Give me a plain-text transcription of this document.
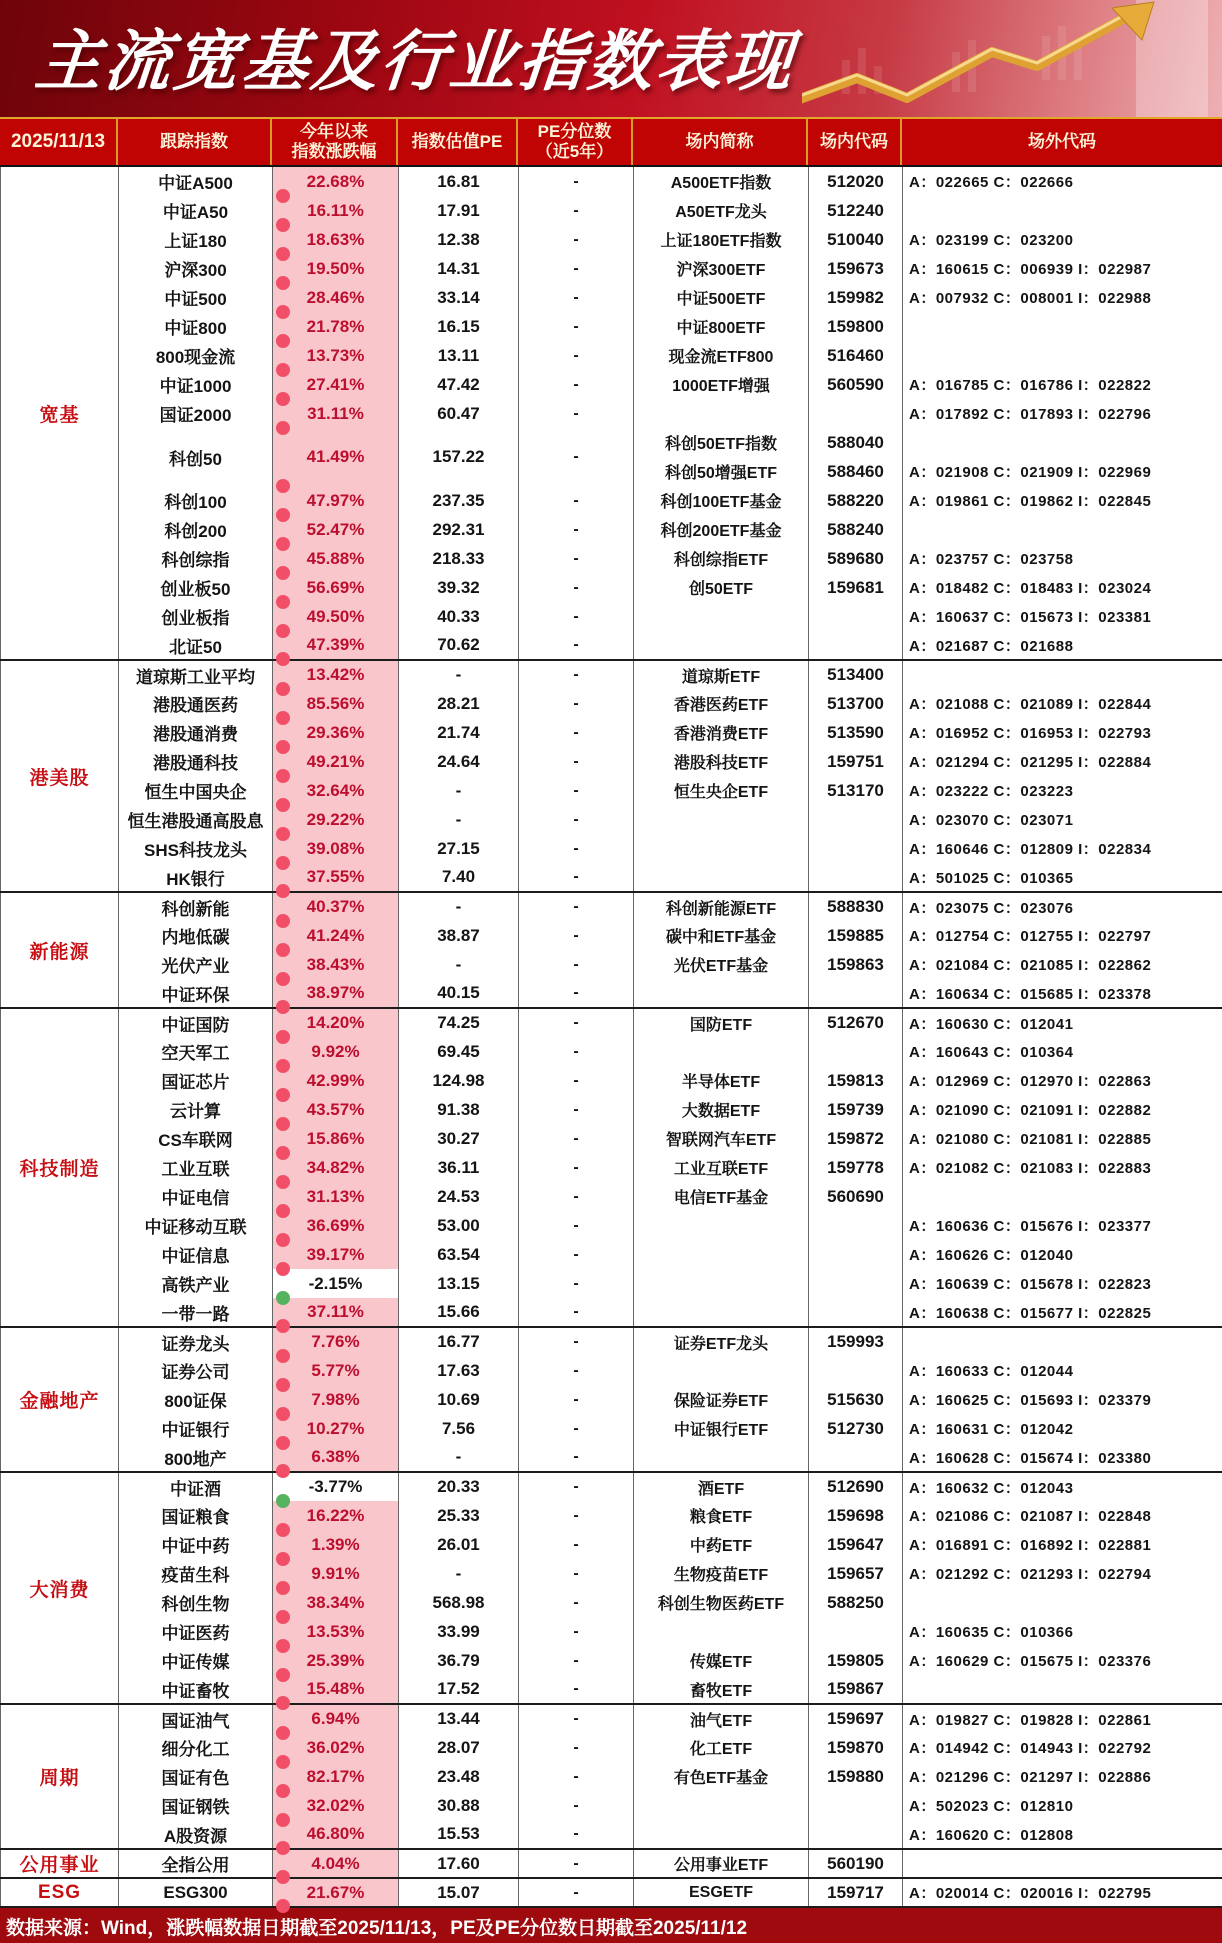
主流宽基及行业指数表现
2025/11/13	跟踪指数
今年以来
指数涨跌幅
指数估值PE
PE分位数
（近5年）
场内简称	场内代码	场外代码
宽基	中证A500	22.68%	16.81	-	A500ETF指数	512020	A：022665 C：022666
	中证A50	16.11%	17.91	-	A50ETF龙头	512240	
	上证180	18.63%	12.38	-	上证180ETF指数	510040	A：023199 C：023200
	沪深300	19.50%	14.31	-	沪深300ETF	159673	A：160615 C：006939 I：022987
	中证500	28.46%	33.14	-	中证500ETF	159982	A：007932 C：008001 I：022988
	中证800	21.78%	16.15	-	中证800ETF	159800	
	800现金流	13.73%	13.11	-	现金流ETF800	516460	
	中证1000	27.41%	47.42	-	1000ETF增强	560590	A：016785 C：016786 I：022822
	国证2000	31.11%	60.47	-			A：017892 C：017893 I：022796
	科创50	41.49%	157.22	-	科创50ETF指数	588040	
					科创50增强ETF	588460	A：021908 C：021909 I：022969
	科创100	47.97%	237.35	-	科创100ETF基金	588220	A：019861 C：019862 I：022845
	科创200	52.47%	292.31	-	科创200ETF基金	588240	
	科创综指	45.88%	218.33	-	科创综指ETF	589680	A：023757 C：023758
	创业板50	56.69%	39.32	-	创50ETF	159681	A：018482 C：018483 I：023024
	创业板指	49.50%	40.33	-			A：160637 C：015673 I：023381
	北证50	47.39%	70.62	-			A：021687 C：021688
港美股	道琼斯工业平均	13.42%	-	-	道琼斯ETF	513400	
	港股通医药	85.56%	28.21	-	香港医药ETF	513700	A：021088 C：021089 I：022844
	港股通消费	29.36%	21.74	-	香港消费ETF	513590	A：016952 C：016953 I：022793
	港股通科技	49.21%	24.64	-	港股科技ETF	159751	A：021294 C：021295 I：022884
	恒生中国央企	32.64%	-	-	恒生央企ETF	513170	A：023222 C：023223
	恒生港股通高股息	29.22%	-	-			A：023070 C：023071
	SHS科技龙头	39.08%	27.15	-			A：160646 C：012809 I：022834
	HK银行	37.55%	7.40	-			A：501025 C：010365
新能源	科创新能	40.37%	-	-	科创新能源ETF	588830	A：023075 C：023076
	内地低碳	41.24%	38.87	-	碳中和ETF基金	159885	A：012754 C：012755 I：022797
	光伏产业	38.43%	-	-	光伏ETF基金	159863	A：021084 C：021085 I：022862
	中证环保	38.97%	40.15	-			A：160634 C：015685 I：023378
科技制造	中证国防	14.20%	74.25	-	国防ETF	512670	A：160630 C：012041
	空天军工	9.92%	69.45	-			A：160643 C：010364
	国证芯片	42.99%	124.98	-	半导体ETF	159813	A：012969 C：012970 I：022863
	云计算	43.57%	91.38	-	大数据ETF	159739	A：021090 C：021091 I：022882
	CS车联网	15.86%	30.27	-	智联网汽车ETF	159872	A：021080 C：021081 I：022885
	工业互联	34.82%	36.11	-	工业互联ETF	159778	A：021082 C：021083 I：022883
	中证电信	31.13%	24.53	-	电信ETF基金	560690	
	中证移动互联	36.69%	53.00	-			A：160636 C：015676 I：023377
	中证信息	39.17%	63.54	-			A：160626 C：012040
	高铁产业	-2.15%	13.15	-			A：160639 C：015678 I：022823
	一带一路	37.11%	15.66	-			A：160638 C：015677 I：022825
金融地产	证券龙头	7.76%	16.77	-	证券ETF龙头	159993	
	证券公司	5.77%	17.63	-			A：160633 C：012044
	800证保	7.98%	10.69	-	保险证券ETF	515630	A：160625 C：015693 I：023379
	中证银行	10.27%	7.56	-	中证银行ETF	512730	A：160631 C：012042
	800地产	6.38%	-	-			A：160628 C：015674 I：023380
大消费	中证酒	-3.77%	20.33	-	酒ETF	512690	A：160632 C：012043
	国证粮食	16.22%	25.33	-	粮食ETF	159698	A：021086 C：021087 I：022848
	中证中药	1.39%	26.01	-	中药ETF	159647	A：016891 C：016892 I：022881
	疫苗生科	9.91%	-	-	生物疫苗ETF	159657	A：021292 C：021293 I：022794
	科创生物	38.34%	568.98	-	科创生物医药ETF	588250	
	中证医药	13.53%	33.99	-			A：160635 C：010366
	中证传媒	25.39%	36.79	-	传媒ETF	159805	A：160629 C：015675 I：023376
	中证畜牧	15.48%	17.52	-	畜牧ETF	159867	
周期	国证油气	6.94%	13.44	-	油气ETF	159697	A：019827 C：019828 I：022861
	细分化工	36.02%	28.07	-	化工ETF	159870	A：014942 C：014943 I：022792
	国证有色	82.17%	23.48	-	有色ETF基金	159880	A：021296 C：021297 I：022886
	国证钢铁	32.02%	30.88	-			A：502023 C：012810
	A股资源	46.80%	15.53	-			A：160620 C：012808
公用事业	全指公用	4.04%	17.60	-	公用事业ETF	560190	
ESG	ESG300	21.67%	15.07	-	ESGETF	159717	A：020014 C：020016 I：022795
数据来源：Wind，涨跌幅数据日期截至2025/11/13，PE及PE分位数日期截至2025/11/12
